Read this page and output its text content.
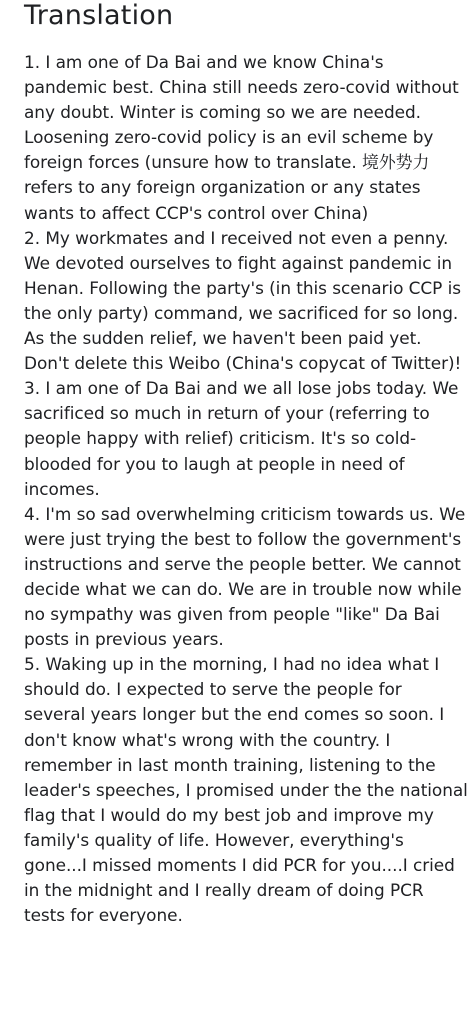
Translation

1. I am one of Da Bai and we know China's pandemic best. China still needs zero-covid without any doubt. Winter is coming so we are needed. Loosening zero-covid policy is an evil scheme by foreign forces (unsure how to translate. 境外势力 refers to any foreign organization or any states wants to affect CCP's control over China)

2. My workmates and I received not even a penny. We devoted ourselves to fight against pandemic in Henan. Following the party's (in this scenario CCP is the only party) command, we sacrificed for so long. As the sudden relief, we haven't been paid yet. Don't delete this Weibo (China's copycat of Twitter)!

3. I am one of Da Bai and we all lose jobs today. We sacrificed so much in return of your (referring to people happy with relief) criticism. It's so cold-blooded for you to laugh at people in need of incomes.

4. I'm so sad overwhelming criticism towards us. We were just trying the best to follow the government's instructions and serve the people better. We cannot decide what we can do. We are in trouble now while no sympathy was given from people "like" Da Bai posts in previous years.

5. Waking up in the morning, I had no idea what I should do. I expected to serve the people for several years longer but the end comes so soon. I don't know what's wrong with the country. I remember in last month training, listening to the leader's speeches, I promised under the the national flag that I would do my best job and improve my family's quality of life. However, everything's gone...I missed moments I did PCR for you....I cried in the midnight and I really dream of doing PCR tests for everyone.
